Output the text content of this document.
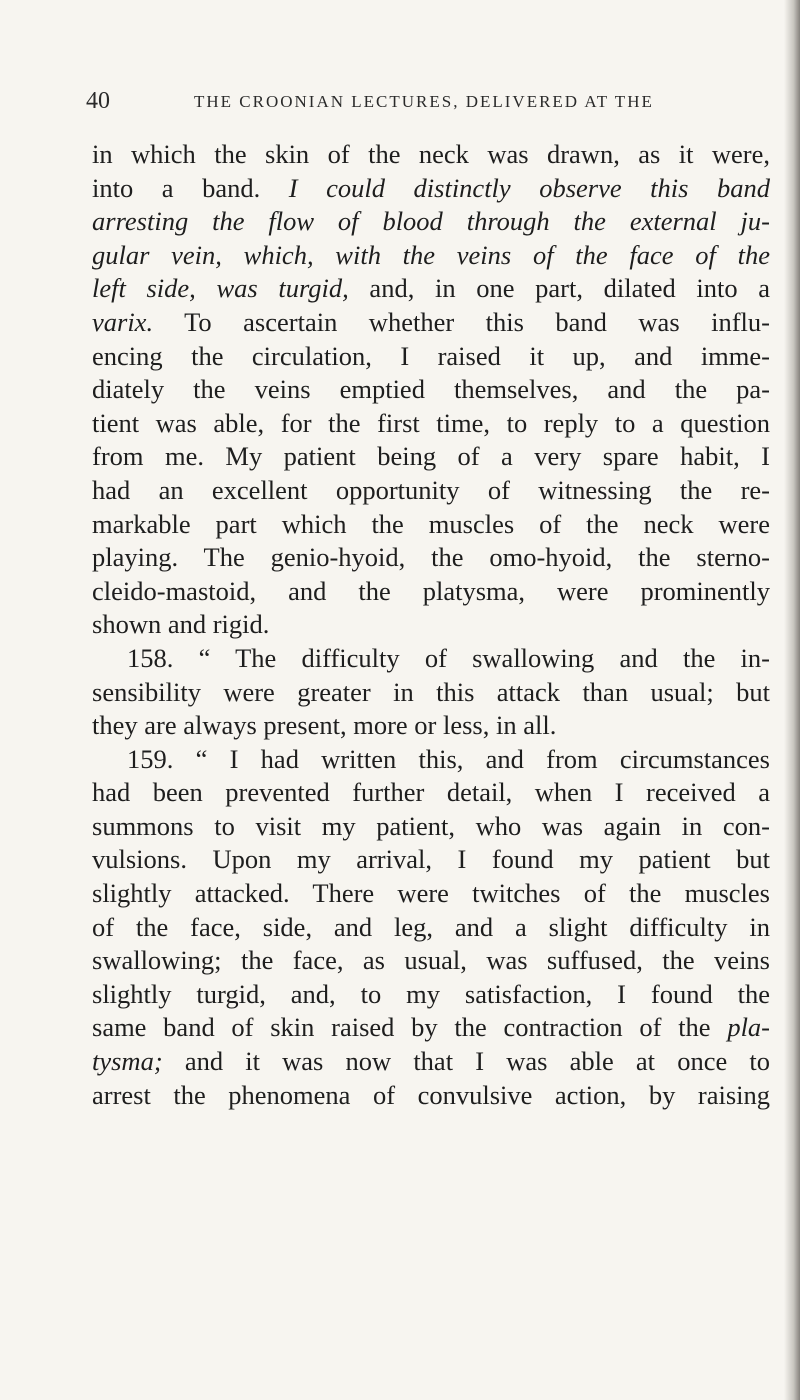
40	THE CROONIAN LECTURES, DELIVERED AT THE
in which the skin of the neck was drawn, as it were,
into a band. I could distinctly observe this band
arresting the flow of blood through the external ju-
gular vein, which, with the veins of the face of the
left side, was turgid, and, in one part, dilated into a
varix. To ascertain whether this band was influ-
encing the circulation, I raised it up, and imme-
diately the veins emptied themselves, and the pa-
tient was able, for the first time, to reply to a question
from me. My patient being of a very spare habit, I
had an excellent opportunity of witnessing the re-
markable part which the muscles of the neck were
playing. The genio-hyoid, the omo-hyoid, the sterno-
cleido-mastoid, and the platysma, were prominently
shown and rigid.
158. “ The difficulty of swallowing and the in-
sensibility were greater in this attack than usual; but
they are always present, more or less, in all.
159. “ I had written this, and from circumstances
had been prevented further detail, when I received a
summons to visit my patient, who was again in con-
vulsions. Upon my arrival, I found my patient but
slightly attacked. There were twitches of the muscles
of the face, side, and leg, and a slight difficulty in
swallowing; the face, as usual, was suffused, the veins
slightly turgid, and, to my satisfaction, I found the
same band of skin raised by the contraction of the pla-
tysma; and it was now that I was able at once to
arrest the phenomena of convulsive action, by raising
